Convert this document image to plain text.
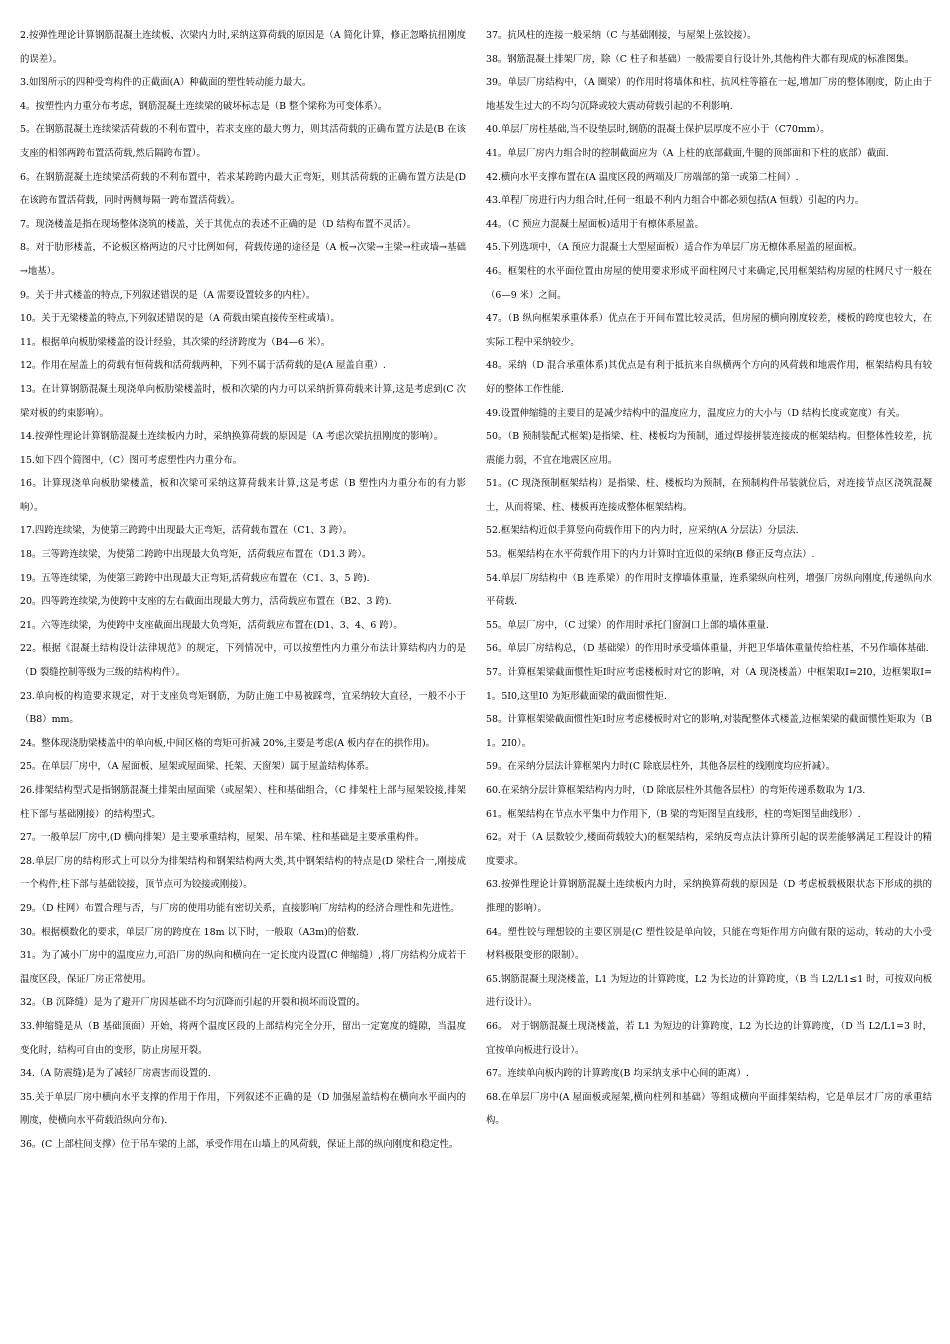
2.按弹性理论计算钢筋混凝土连续板、次梁内力时,采纳这算荷载的原因是（A 简化计算，修正忽略抗扭刚度的误差）。
3.如图所示的四种受弯构件的正截面(A）种截面的塑性转动能力最大。
4。按塑性内力重分布考虑，钢筋混凝土连续梁的破坏标志是（B 整个梁称为可变体系）。
5。在钢筋混凝土连续梁活荷载的不利布置中，若求支座的最大剪力，则其活荷载的正确布置方法是(B 在该支座的相邻两跨布置活荷载,然后隔跨布置）。
6。在钢筋混凝土连续梁活荷载的不利布置中，若求某跨跨内最大正弯矩，则其活荷载的正确布置方法是(D 在该跨布置活荷载，同时两侧每隔一跨布置活荷载）。
7。现浇楼盖是指在现场整体浇筑的楼盖，关于其优点的表述不正确的是（D 结构布置不灵活）。
8。对于肋形楼盖，不论板区格两边的尺寸比例如何，荷载传递的途径是（A 板→次梁→主梁→柱或墙→基础→地基）。
9。关于井式楼盖的特点,下列叙述错误的是（A 需要设置较多的内柱）。
10。关于无梁楼盖的特点,下列叙述错误的是（A 荷载由梁直接传至柱或墙）。
11。根据单向板肋梁楼盖的设计经验，其次梁的经济跨度为（B4—6 米）。
12。作用在屋盖上的荷载有恒荷载和活荷载两种，下列不属于活荷载的是(A 屋盖自重）.
13。在计算钢筋混凝土现浇单向板肋梁楼盖时，板和次梁的内力可以采纳折算荷载来计算,这是考虑到(C 次梁对板的约束影响）。
14.按弹性理论计算钢筋混凝土连续板内力时，采纳换算荷载的原因是（A 考虑次梁抗扭刚度的影响）。
15.如下四个简图中,（C）图可考虑塑性内力重分布。
16。计算现浇单向板肋梁楼盖，板和次梁可采纳这算荷载来计算,这是考虑（B 塑性内力重分布的有力影响）。
17.四跨连续梁，为使第三跨跨中出现最大正弯矩，活荷载布置在（C1、3 跨）。
18。三等跨连续梁，为使第二跨跨中出现最大负弯矩，活荷载应布置在（D1.3 跨）。
19。五等连续梁，为使第三跨跨中出现最大正弯矩,活荷载应布置在（C1、3、5 跨).
20。四等跨连续梁,为使跨中支座的左右截面出现最大剪力，活荷载应布置在（B2、3 跨).
21。六等连续梁，为使跨中支座截面出现最大负弯矩，活荷载应布置在(D1、3、4、6 跨）。
22。根据《混凝土结构设计法律规范》的规定，下列情况中，可以按塑性内力重分布法计算结构内力的是（D 裂缝控制等级为三级的结构构件）。
23.单向板的构造要求规定，对于支座负弯矩钢筋，为防止施工中易被踩弯，宜采纳较大直径，一般不小于（B8）mm。
24。整体现浇肋梁楼盖中的单向板,中间区格的弯矩可折减 20%,主要是考虑(A 板内存在的拱作用)。
25。在单层厂房中，（A 屋面板、屋架或屋面梁、托架、天窗架）属于屋盖结构体系。
26.排架结构型式是指钢筋混凝土排架由屋面梁（或屋架）、柱和基础组合，（C 排架柱上部与屋架铰接,排架柱下部与基础刚接）的结构型式。
27。一般单层厂房中,(D 横向排架）是主要承重结构，屋架、吊车梁、柱和基础是主要承重构件。
28.单层厂房的结构形式上可以分为排架结构和钢架结构两大类,其中钢架结构的特点是(D 梁柱合一,刚接成一个构件,柱下部与基础铰接，顶节点可为铰接或刚接）。
29。（D 柱网）布置合理与否，与厂房的使用功能有密切关系，直接影响厂房结构的经济合理性和先进性。
30。根据模数化的要求，单层厂房的跨度在 18m 以下时，一般取（A3m)的倍数.
31。为了减小厂房中的温度应力,可沿厂房的纵向和横向在一定长度内设置(C 伸缩缝）,将厂房结构分成若干温度区段，保证厂房正常使用。
32。（B 沉降缝）是为了避开厂房因基础不均匀沉降而引起的开裂和损坏而设置的。
33.伸缩缝是从（B 基础顶面）开始，将两个温度区段的上部结构完全分开，留出一定宽度的缝隙，当温度变化时，结构可自由的变形，防止房屋开裂。
34.（A 防震缝)是为了减轻厂房震害而设置的.
35.关于单层厂房中横向水平支撑的作用于作用，下列叙述不正确的是（D 加强屋盖结构在横向水平面内的刚度，使横向水平荷载沿纵向分布).
36。(C 上部柱间支撑）位于吊车梁的上部，承受作用在山墙上的风荷载，保证上部的纵向刚度和稳定性。
37。抗风柱的连接一般采纳（C 与基础刚接，与屋架上弦铰接）。
38。钢筋混凝土排架厂房，除（C 柱子和基础）一般需要自行设计外,其他构件大都有现成的标准图集。
39。单层厂房结构中，（A 圈梁）的作用时将墙体和柱、抗风柱等箍在一起,增加厂房的整体刚度，防止由于地基发生过大的不均匀沉降或较大震动荷载引起的不利影响.
40.单层厂房柱基础,当不设垫层时,钢筋的混凝土保护层厚度不应小于（C70mm）。
41。单层厂房内力组合时的控制截面应为（A 上柱的底部截面,牛腿的顶部面和下柱的底部）截面.
42.横向水平支撑布置在(A 温度区段的两端及厂房端部的第一或第二柱间）.
43.单程厂房进行内力组合时,任何一组最不利内力组合中都必须包括(A 恒载）引起的内力。
44。（C 预应力混凝土屋面板)适用于有檩体系屋盖。
45.下列选项中，（A 预应力混凝土大型屋面板）适合作为单层厂房无檩体系屋盖的屋面板。
46。框架柱的水平面位置由房屋的使用要求形成平面柱网尺寸来确定,民用框架结构房屋的柱网尺寸一般在（6—9 米）之间。
47。（B 纵向框架承重体系）优点在于开间布置比较灵活，但房屋的横向刚度较差，楼板的跨度也较大，在实际工程中采纳较少。
48。采纳（D 混合承重体系)其优点是有利于抵抗来自纵横两个方向的风荷载和地震作用，框架结构具有较好的整体工作性能.
49.设置伸缩缝的主要目的是减少结构中的温度应力，温度应力的大小与（D 结构长度或宽度）有关。
50。（B 预制装配式框架)是指梁、柱、楼板均为预制，通过焊接拼装连接成的框架结构。但整体性较差，抗震能力弱，不宜在地震区应用。
51。(C 现浇预制框架结构）是指梁、柱、楼板均为预制，在预制构件吊装就位后，对连接节点区浇筑混凝土，从而将梁、柱、楼板再连接成整体框架结构。
52.框架结构近似手算竖向荷载作用下的内力时，应采纳(A 分层法）分层法.
53。框架结构在水平荷载作用下的内力计算时宜近似的采纳(B 修正反弯点法）.
54.单层厂房结构中（B 连系梁）的作用时支撑墙体重量，连系梁纵向柱列，增强厂房纵向刚度,传递纵向水平荷载.
55。单层厂房中，（C 过梁）的作用时承托门窗洞口上部的墙体重量.
56。单层厂房结构总，（D 基础梁）的作用时承受墙体重量，并把卫华墙体重量传给柱基，不另作墙体基础.
57。计算框架梁截面惯性矩Ⅰ时应考虑楼板时对它的影响，对（A 现浇楼盖）中框架取Ⅰ=2I0，边框架取Ⅰ=1。5I0,这里Ⅰ0 为矩形截面梁的截面惯性矩.
58。计算框架梁截面惯性矩Ⅰ时应考虑楼板时对它的影响,对装配整体式楼盖,边框架梁的截面惯性矩取为（B 1。2I0）。
59。在采纳分层法计算框架内力时(C 除底层柱外，其他各层柱的线刚度均应折减）。
60.在采纳分层计算框架结构内力时，（D 除底层柱外其他各层柱）的弯矩传递系数取为 1/3.
61。框架结构在节点水平集中力作用下,（B 梁的弯矩图呈直线形，柱的弯矩图呈曲线形）.
62。对于（A 层数较少,楼面荷载较大)的框架结构，采纳反弯点法计算所引起的误差能够满足工程设计的精度要求。
63.按弹性理论计算钢筋混凝土连续板内力时，采纳换算荷载的原因是（D 考虑板载极限状态下形成的拱的推理的影响）。
64。塑性铰与理想铰的主要区别是(C 塑性铰是单向铰，只能在弯矩作用方向做有限的运动，转动的大小受材料极限变形的限制）。
65.钢筋混凝土现浇楼盖，L1 为短边的计算跨度，L2 为长边的计算跨度，（B 当 L2/L1≤1 时，可按双向板进行设计）。
66。 对于钢筋混凝土现浇楼盖，若 L1 为短边的计算跨度，L2 为长边的计算跨度，（D 当 L2/L1=3 时，宜按单向板进行设计）。
67。连续单向板内跨的计算跨度(B 均采纳支承中心间的距离）.
68.在单层厂房中(A 屋面板或屋架,横向柱列和基础）等组成横向平面排架结构，它是单层才厂房的承重结构。
